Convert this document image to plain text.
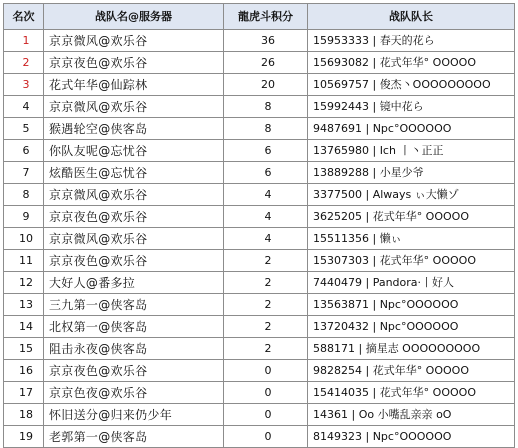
名次	战队名@服务器	龍虎斗积分	战队队长
1	京京微风@欢乐谷	36	15953333 | 春天的花ら
2	京京夜色@欢乐谷	26	15693082 | 花式年华° OOOOO
3	花式年华@仙踪林	20	10569757 | 俊杰丶OOOOOOOOO
4	京京微风@欢乐谷	8	15992443 | 镜中花ら
5	猴遇轮空@侠客岛	8	9487691 | Npc°OOOOOO
6	你队友呢@忘忧谷	6	13765980 | Ich 丨丶正正
7	炫酷医生@忘忧谷	6	13889288 | 小星少爷
8	京京微风@欢乐谷	4	3377500 | Always ぃ大懒ゾ
9	京京夜色@欢乐谷	4	3625205 | 花式年华° OOOOO
10	京京微风@欢乐谷	4	15511356 | 懒ぃ
11	京京夜色@欢乐谷	2	15307303 | 花式年华° OOOOO
12	大好人@番多拉	2	7440479 | Pandora·丨好人
13	三九第一@侠客岛	2	13563871 | Npc°OOOOOO
14	北权第一@侠客岛	2	13720432 | Npc°OOOOOO
15	阻击永夜@侠客岛	2	588171 | 摘星志 OOOOOOOOO
16	京京夜色@欢乐谷	0	9828254 | 花式年华° OOOOO
17	京京色夜@欢乐谷	0	15414035 | 花式年华° OOOOO
18	怀旧送分@归来仍少年	0	14361 | Oo 小嘴乱亲亲 oO
19	老郭第一@侠客岛	0	8149323 | Npc°OOOOOO
